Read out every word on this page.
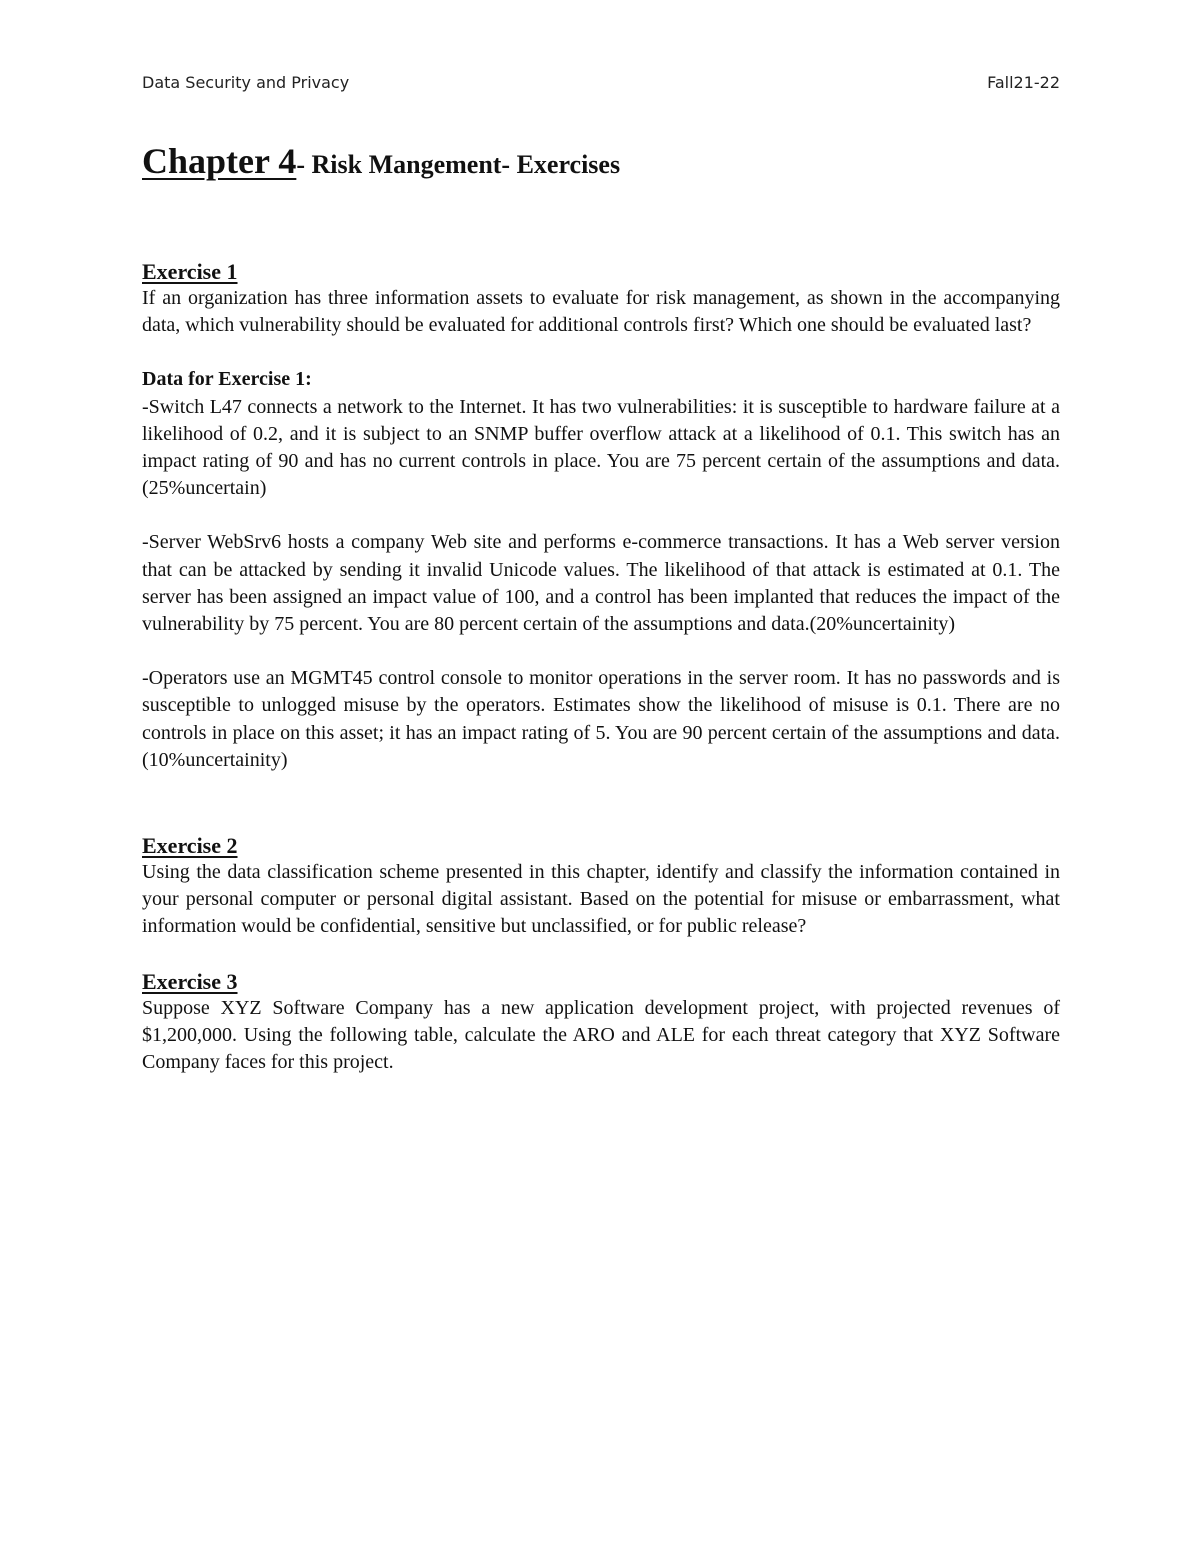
Data Security and Privacy	Fall21-22
Chapter 4- Risk Mangement- Exercises
Exercise 1

If an organization has three information assets to evaluate for risk management, as shown in the accompanying data, which vulnerability should be evaluated for additional controls first? Which one should be evaluated last?

Data for Exercise 1:

-Switch L47 connects a network to the Internet. It has two vulnerabilities: it is susceptible to hardware failure at a likelihood of 0.2, and it is subject to an SNMP buffer overflow attack at a likelihood of 0.1. This switch has an impact rating of 90 and has no current controls in place. You are 75 percent certain of the assumptions and data.(25%uncertain)

-Server WebSrv6 hosts a company Web site and performs e-commerce transactions. It has a Web server version that can be attacked by sending it invalid Unicode values. The likelihood of that attack is estimated at 0.1. The server has been assigned an impact value of 100, and a control has been implanted that reduces the impact of the vulnerability by 75 percent. You are 80 percent certain of the assumptions and data.(20%uncertainity)

-Operators use an MGMT45 control console to monitor operations in the server room. It has no passwords and is susceptible to unlogged misuse by the operators. Estimates show the likelihood of misuse is 0.1. There are no controls in place on this asset; it has an impact rating of 5. You are 90 percent certain of the assumptions and data.(10%uncertainity)

Exercise 2

Using the data classification scheme presented in this chapter, identify and classify the information contained in your personal computer or personal digital assistant. Based on the potential for misuse or embarrassment, what information would be confidential, sensitive but unclassified, or for public release?

Exercise 3

Suppose XYZ Software Company has a new application development project, with projected revenues of $1,200,000. Using the following table, calculate the ARO and ALE for each threat category that XYZ Software Company faces for this project.
